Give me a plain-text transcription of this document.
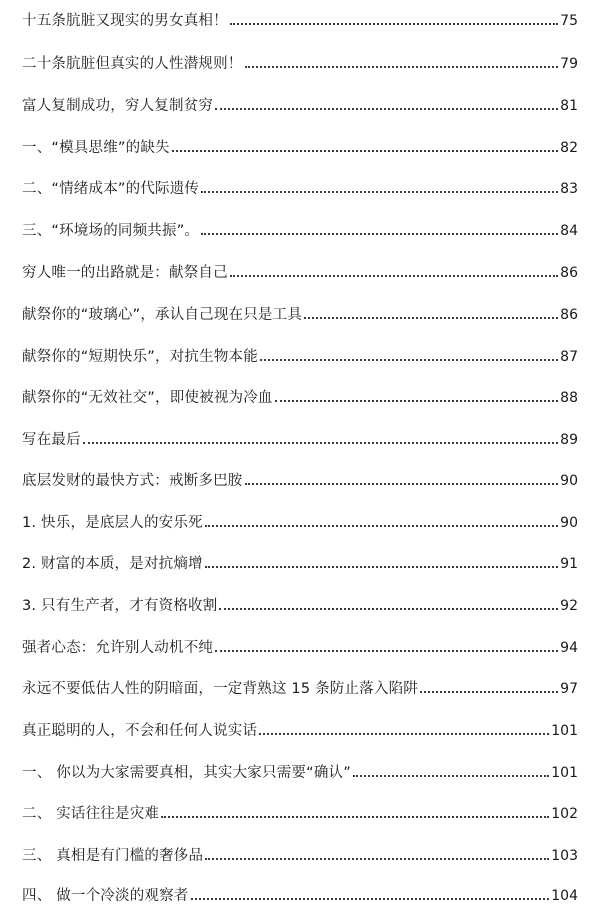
十五条肮脏又现实的男女真相！	75
二十条肮脏但真实的人性潜规则！	79
富人复制成功，穷人复制贫穷	81
一、“模具思维”的缺失	82
二、“情绪成本”的代际遗传	83
三、“环境场的同频共振”。	84
穷人唯一的出路就是：献祭自己	86
献祭你的“玻璃心”，承认自己现在只是工具	86
献祭你的“短期快乐”，对抗生物本能	87
献祭你的“无效社交”，即使被视为冷血	88
写在最后	89
底层发财的最快方式：戒断多巴胺	90
1. 快乐，是底层人的安乐死	90
2. 财富的本质，是对抗熵增	91
3. 只有生产者，才有资格收割	92
强者心态：允许别人动机不纯	94
永远不要低估人性的阴暗面，一定背熟这 15 条防止落入陷阱	97
真正聪明的人，不会和任何人说实话	101
一、 你以为大家需要真相，其实大家只需要“确认”	101
二、 实话往往是灾难	102
三、 真相是有门槛的奢侈品	103
四、 做一个冷淡的观察者	104
